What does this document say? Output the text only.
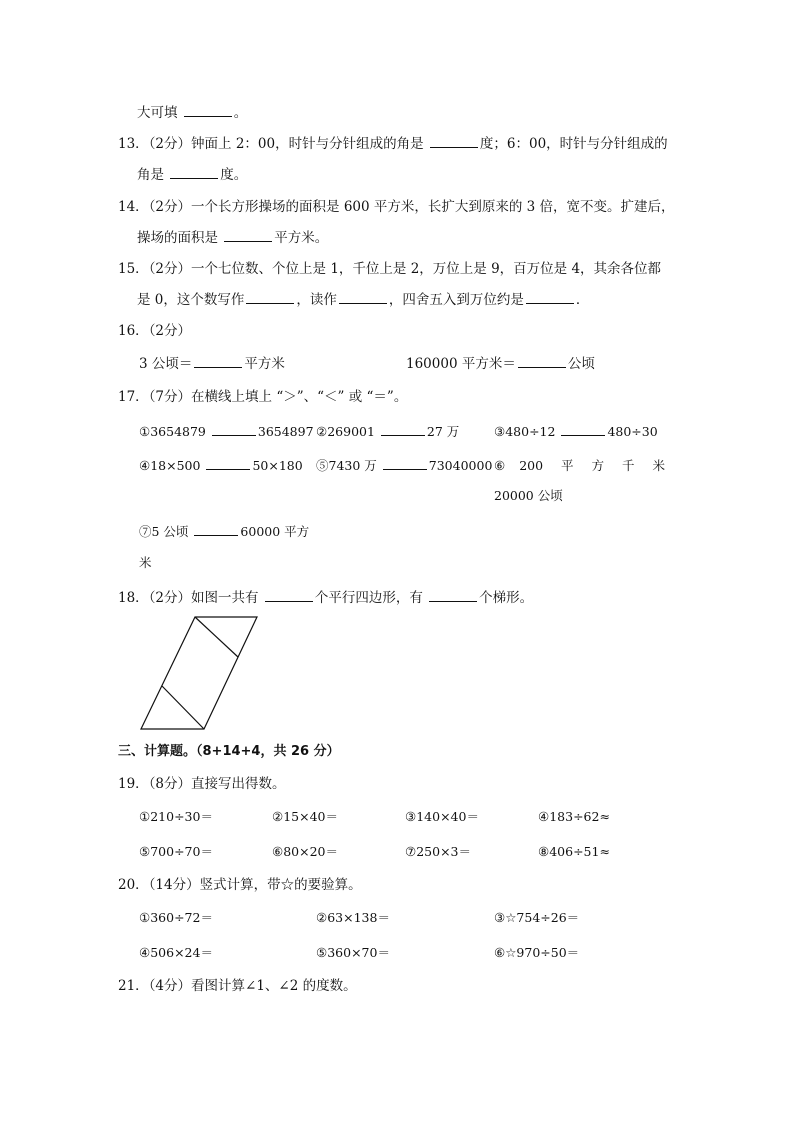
大可填	。
13．（2分）钟面上 2：00，时针与分针组成的角是	度；6：00，时针与分针组成的
角是	度。
14．（2分）一个长方形操场的面积是 600 平方米，长扩大到原来的 3 倍，宽不变。扩建后，
操场的面积是	平方米。
15．（2分）一个七位数、个位上是 1，千位上是 2，万位上是 9，百万位是 4，其余各位都
是 0，这个数写作	，读作	，四舍五入到万位约是	．
16．（2分）
3 公顷＝	平方米	160000 平方米＝	公顷
17．（7分）在横线上填上 “＞”、“＜” 或 “＝”。
①3654879	3654897 ②269001	27 万	③480÷12	480÷30
④18×500	50×180 ⑤7430 万	73040000 ⑥ 200 平 方 千 米
20000 公顷
⑦5 公顷	60000 平方
米
18．（2分）如图一共有	个平行四边形，有	个梯形。
三、计算题。（8+14+4，共 26 分）
19．（8分）直接写出得数。
①210÷30＝	②15×40＝	③140×40＝	④183÷62≈
⑤700÷70＝	⑥80×20＝	⑦250×3＝	⑧406÷51≈
20．（14分）竖式计算，带☆的要验算。
①360÷72＝	②63×138＝	③☆754÷26＝
④506×24＝	⑤360×70＝	⑥☆970÷50＝
21．（4分）看图计算∠1、∠2 的度数。
